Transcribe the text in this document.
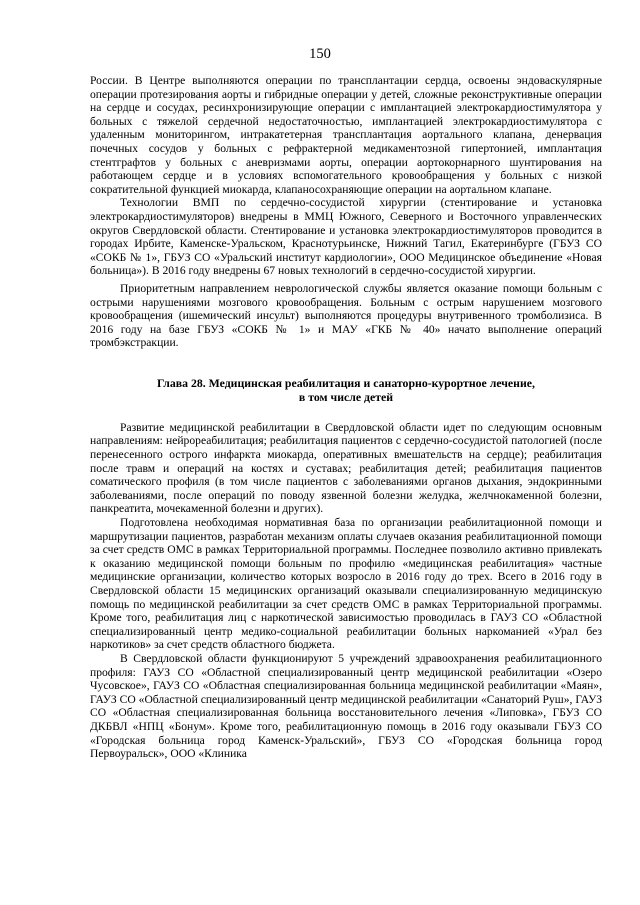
150

России. В Центре выполняются операции по трансплантации сердца, освоены эндоваскулярные операции протезирования аорты и гибридные операции у детей, сложные реконструктивные операции на сердце и сосудах, ресинхронизирующие операции с имплантацией электрокардиостимулятора у больных с тяжелой сердечной недостаточностью, имплантацией электрокардиостимулятора с удаленным мониторингом, интракатетерная трансплантация аортального клапана, денервация почечных сосудов у больных с рефрактерной медикаментозной гипертонией, имплантация стентграфтов у больных с аневризмами аорты, операции аортокорнарного шунтирования на работающем сердце и в условиях вспомогательного кровообращения у больных с низкой сократительной функцией миокарда, клапаносохраняющие операции на аортальном клапане.

Технологии ВМП по сердечно-сосудистой хирургии (стентирование и установка электрокардиостимуляторов) внедрены в ММЦ Южного, Северного и Восточного управленческих округов Свердловской области. Стентирование и установка электрокардиостимуляторов проводится в городах Ирбите, Каменске-Уральском, Краснотурьинске, Нижний Тагил, Екатеринбурге (ГБУЗ СО «СОКБ № 1», ГБУЗ СО «Уральский институт кардиологии», ООО Медицинское объединение «Новая больница»). В 2016 году внедрены 67 новых технологий в сердечно-сосудистой хирургии.

Приоритетным направлением неврологической службы является оказание помощи больным с острыми нарушениями мозгового кровообращения. Больным с острым нарушением мозгового кровообращения (ишемический инсульт) выполняются процедуры внутривенного тромболизиса. В 2016 году на базе ГБУЗ «СОКБ № 1» и МАУ «ГКБ № 40» начато выполнение операций тромбэкстракции.

Глава 28. Медицинская реабилитация и санаторно-курортное лечение,
в том числе детей

Развитие медицинской реабилитации в Свердловской области идет по следующим основным направлениям: нейрореабилитация; реабилитация пациентов с сердечно-сосудистой патологией (после перенесенного острого инфаркта миокарда, оперативных вмешательств на сердце); реабилитация после травм и операций на костях и суставах; реабилитация детей; реабилитация пациентов соматического профиля (в том числе пациентов с заболеваниями органов дыхания, эндокринными заболеваниями, после операций по поводу язвенной болезни желудка, желчнокаменной болезни, панкреатита, мочекаменной болезни и других).

Подготовлена необходимая нормативная база по организации реабилитационной помощи и маршрутизации пациентов, разработан механизм оплаты случаев оказания реабилитационной помощи за счет средств ОМС в рамках Территориальной программы. Последнее позволило активно привлекать к оказанию медицинской помощи больным по профилю «медицинская реабилитация» частные медицинские организации, количество которых возросло в 2016 году до трех. Всего в 2016 году в Свердловской области 15 медицинских организаций оказывали специализированную медицинскую помощь по медицинской реабилитации за счет средств ОМС в рамках Территориальной программы. Кроме того, реабилитация лиц с наркотической зависимостью проводилась в ГАУЗ СО «Областной специализированный центр медико-социальной реабилитации больных наркоманией «Урал без наркотиков» за счет средств областного бюджета.

В Свердловской области функционируют 5 учреждений здравоохранения реабилитационного профиля: ГАУЗ СО «Областной специализированный центр медицинской реабилитации «Озеро Чусовское», ГАУЗ СО «Областная специализированная больница медицинской реабилитации «Маян», ГАУЗ СО «Областной специализированный центр медицинской реабилитации «Санаторий Руш», ГАУЗ СО «Областная специализированная больница восстановительного лечения «Липовка», ГБУЗ СО ДКБВЛ «НПЦ «Бонум». Кроме того, реабилитационную помощь в 2016 году оказывали ГБУЗ СО «Городская больница город Каменск-Уральский», ГБУЗ СО «Городская больница город Первоуральск», ООО «Клиника
